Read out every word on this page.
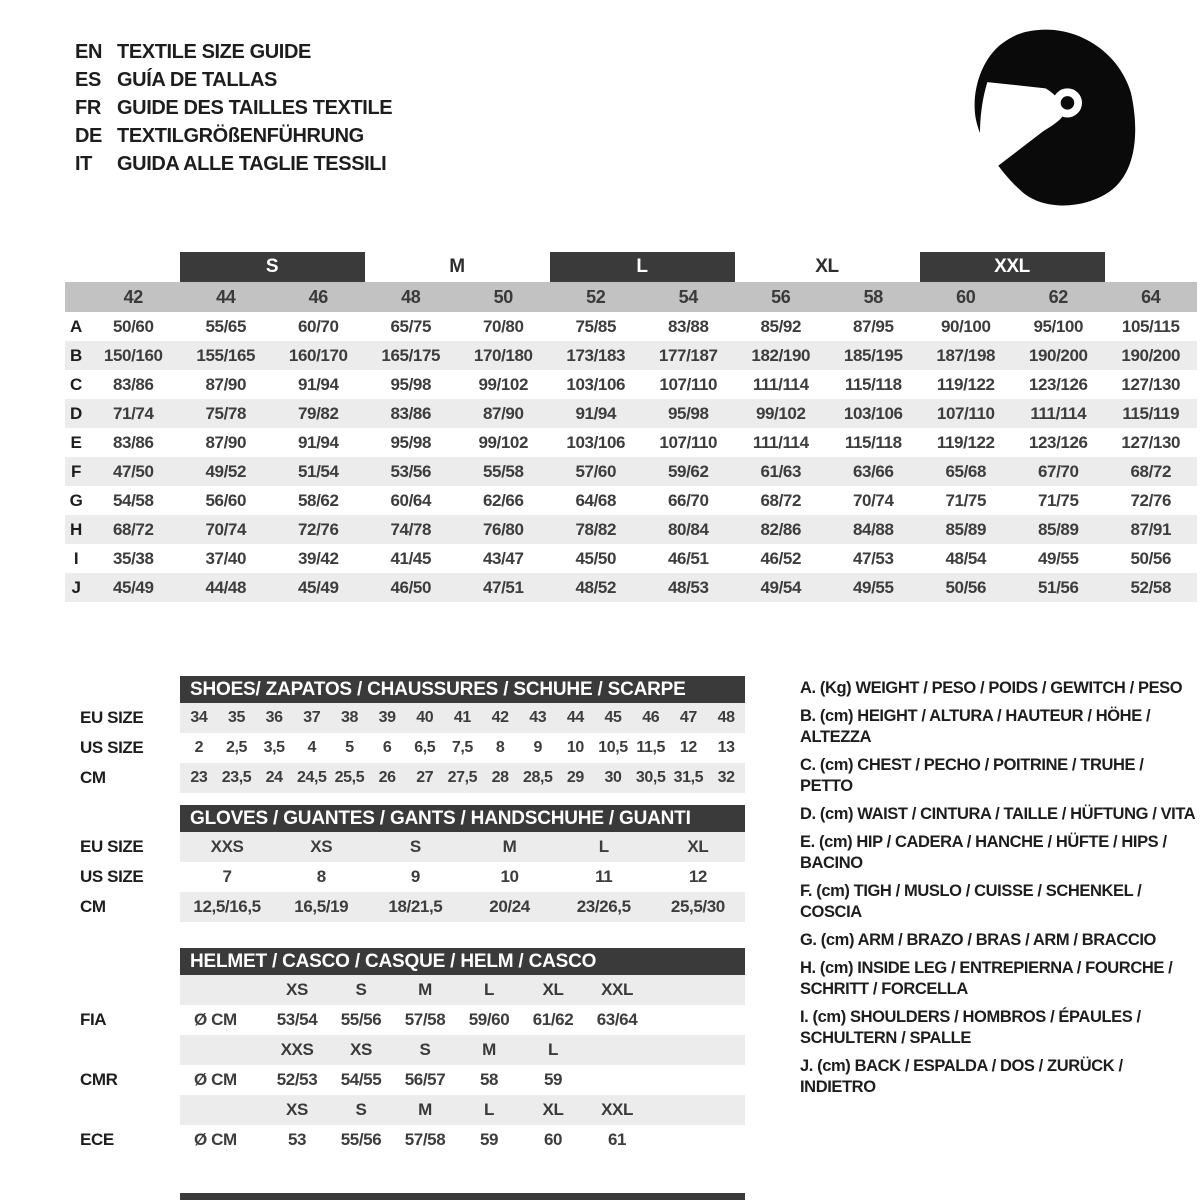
EN TEXTILE SIZE GUIDE
ES GUÍA DE TALLAS
FR GUIDE DES TAILLES TEXTILE
DE TEXTILGRÖßENFÜHRUNG
IT	GUIDA ALLE TAGLIE TESSILI
		S		M		L		XL		XXL		
	42	44	46	48	50	52	54	56	58	60	62	64
A	50/60	55/65	60/70	65/75	70/80	75/85	83/88	85/92	87/95	90/100	95/100	105/115
B	150/160	155/165	160/170	165/175	170/180	173/183	177/187	182/190	185/195	187/198	190/200	190/200
C	83/86	87/90	91/94	95/98	99/102	103/106	107/110	111/114	115/118	119/122	123/126	127/130
D	71/74	75/78	79/82	83/86	87/90	91/94	95/98	99/102	103/106	107/110	111/114	115/119
E	83/86	87/90	91/94	95/98	99/102	103/106	107/110	111/114	115/118	119/122	123/126	127/130
F	47/50	49/52	51/54	53/56	55/58	57/60	59/62	61/63	63/66	65/68	67/70	68/72
G	54/58	56/60	58/62	60/64	62/66	64/68	66/70	68/72	70/74	71/75	71/75	72/76
H	68/72	70/74	72/76	74/78	76/80	78/82	80/84	82/86	84/88	85/89	85/89	87/91
I	35/38	37/40	39/42	41/45	43/47	45/50	46/51	46/52	47/53	48/54	49/55	50/56
J	45/49	44/48	45/49	46/50	47/51	48/52	48/53	49/54	49/55	50/56	51/56	52/58
	SHOES/ ZAPATOS / CHAUSSURES / SCHUHE / SCARPE														
EU SIZE	34	35	36	37	38	39	40	41	42	43	44	45	46	47	48
US SIZE	2	2,5	3,5	4	5	6	6,5	7,5	8	9	10	10,5	11,5	12	13
CM	23	23,5	24	24,5	25,5	26	27	27,5	28	28,5	29	30	30,5	31,5	32
	GLOVES / GUANTES / GANTS / HANDSCHUHE / GUANTI					
EU SIZE	XXS	XS	S	M	L	XL
US SIZE	7	8	9	10	11	12
CM	12,5/16,5	16,5/19	18/21,5	20/24	23/26,5	25,5/30
	HELMET / CASCO / CASQUE / HELM / CASCO							
		XS	S	M	L	XL	XXL	
FIA	Ø CM	53/54	55/56	57/58	59/60	61/62	63/64	
		XXS	XS	S	M	L		
CMR	Ø CM	52/53	54/55	56/57	58	59		
		XS	S	M	L	XL	XXL	
ECE	Ø CM	53	55/56	57/58	59	60	61	
A. (Kg) WEIGHT / PESO / POIDS / GEWITCH / PESO
B. (cm) HEIGHT / ALTURA / HAUTEUR / HÖHE / ALTEZZA
C. (cm) CHEST / PECHO / POITRINE / TRUHE / PETTO
D. (cm) WAIST / CINTURA / TAILLE / HÜFTUNG / VITA
E. (cm) HIP / CADERA / HANCHE / HÜFTE / HIPS / BACINO
F. (cm) TIGH / MUSLO / CUISSE / SCHENKEL / COSCIA
G. (cm) ARM / BRAZO / BRAS / ARM / BRACCIO
H. (cm) INSIDE LEG / ENTREPIERNA / FOURCHE / SCHRITT / FORCELLA
I. (cm) SHOULDERS / HOMBROS / ÉPAULES / SCHULTERN / SPALLE
J. (cm) BACK / ESPALDA / DOS / ZURÜCK / INDIETRO
